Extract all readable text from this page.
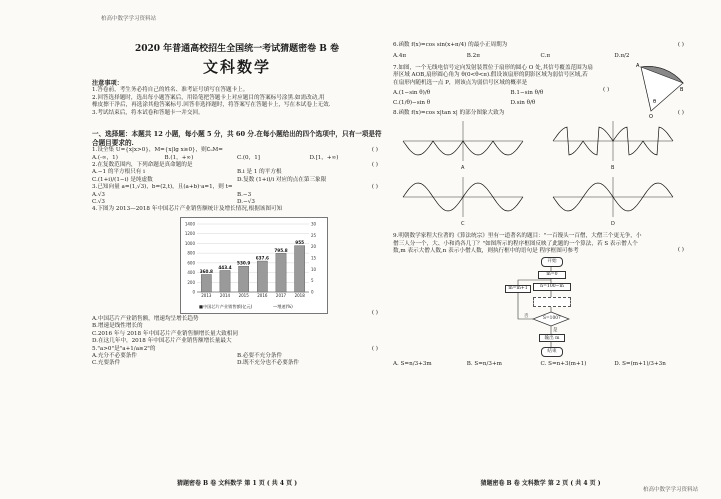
柏高中数学学习资料站
柏高中数学学习资料站
2020 年普通高校招生全国统一考试猜题密卷 B 卷
文科数学
注意事项：
1.答卷前，考生务必将自己的姓名、准考证号填写在答题卡上。
2.回答选择题时，选出每小题答案后，用铅笔把答题卡上对应题目的答案标号涂黑.如需改动,用
橡皮擦干净后，再选涂其他答案标号.回答非选择题时，将答案写在答题卡上，写在本试卷上无效.
3.考试结束后，将本试卷和答题卡一并交回。
一、选择题：本题共 12 小题，每小题 5 分，共 60 分.在每小题给出的四个选项中，只有一项是符合题目要求的.
1.设全集 U={x|x>0}，M={x|lg x≥0}，则∁ᵤM=	( )
A.(-∞，1)	B.(1，+∞)	C.(0，1]	D.[1，+∞)
2.在复数范围内，下列命题是真命题的是	( )
A.−1 的平方根只有 i	B.i 是 1 的平方根
C.(1+i)/(1−i) 是纯虚数	D.复数 (1+i)/i 对应的点在第三象限
3.已知向量 a=(1,√3)，b=(2,t)，且(a+b)·a=1，则 t=	( )
A.√3	B.−3
C.√3	D.−√3
4.下图为 2013—2018 年中国芯片产业销售额统计及增长情况,根据该图可知
0
200
400
600
800
1000
1200
1400
0
5
10
15
20
25
30
360.8
2013
443.4
2014
530.9
2015
637.6
2016
795.8
2017
955
2018
■中国芯片产业销售额(亿元)	—增速(%)
( )
A.中国芯片产业销售额，增速均呈增长趋势
B.增速是线性增长的
C.2016 年与 2018 年中国芯片产业销售额增长量大致相同
D.在这几年中，2018 年中国芯片产业销售额增长量最大
5."a>0"是"a+1/a≥2"的	( )
A.充分不必要条件	B.必要不充分条件
C.充要条件	D.既不充分也不必要条件
猜题密卷 B 卷 文科数学 第 1 页 ( 共 4 页 )
6.函数 f(x)=cos sin(x+π/4) 的最小正周期为	( )
A.4π	B.2π	C.π	D.π/2
7.如图，一个无线电信号定向发射装置位于扇形的圆心 O 处,其信号覆盖范围为扇
形区域 AOB,扇形圆心角为 θ(0<θ<π).假设该扇形的阴影区域为弱信号区域,若
在扇形内随机选一点 P，则该点为弱信号区域的概率是
( )
A.(1−sin θ)/θ	B.1−sin θ/θ
C.(1/θ)−sin θ	D.sin θ/θ
O
A
B
θ
8.函数 f(x)=cos x|tan x| 的部分图象大致为	( )
A	B
C	D
9.明朝数学家程大位著的《算法统宗》里有一道著名的题目："一百馒头一百僧，大僧三个更无争，小
僧三人分一个，大、小和尚各几丁？"如图所示的程序框图反映了此题的一个算法，若 S 表示僧人个
数,m 表示大僧人数,n 表示小僧人数，则执行框中的语句是 程序框图可参考	( )
开始
m=0
n=100−m
m=m+1
S=100?
否
是
输出 m
结束
A. S=n/3+3m	B. S=n/3+m	C. S=n+3(m+1)	D. S=(m+1)/3+3n
猜题密卷 B 卷 文科数学 第 2 页 ( 共 4 页 )
